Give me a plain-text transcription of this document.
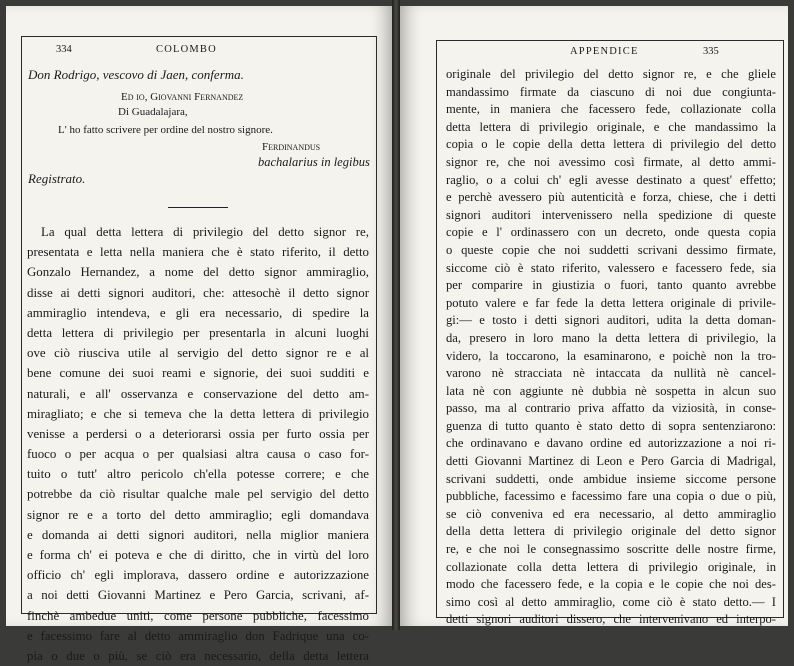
334	COLOMBO
Don Rodrigo, vescovo di Jaen, conferma.
Ed io, Giovanni Fernandez
Di Guadalajara,
L' ho fatto scrivere per ordine del nostro signore.
Ferdinandus
bachalarius in legibus
Registrato.
La qual detta lettera di privilegio del detto signor re,
presentata e letta nella maniera che è stato riferito, il detto
Gonzalo Hernandez, a nome del detto signor ammiraglio,
disse ai detti signori auditori, che: attesochè il detto signor
ammiraglio intendeva, e gli era necessario, di spedire la
detta lettera di privilegio per presentarla in alcuni luoghi
ove ciò riusciva utile al servigio del detto signor re e al
bene comune dei suoi reami e signorie, dei suoi sudditi e
naturali, e all' osservanza e conservazione del detto am-
miragliato; e che si temeva che la detta lettera di privilegio
venisse a perdersi o a deteriorarsi ossia per furto ossia per
fuoco o per acqua o per qualsiasi altra causa o caso for-
tuito o tutt' altro pericolo ch'ella potesse correre; e che
potrebbe da ciò risultar qualche male pel servigio del detto
signor re e a torto del detto ammiraglio; egli domandava
e domanda ai detti signori auditori, nella miglior maniera
e forma ch' ei poteva e che di diritto, che in virtù del loro
officio ch' egli implorava, dassero ordine e autorizzazione
a noi detti Giovanni Martinez e Pero Garcia, scrivani, af-
finchè ambedue uniti, come persone pubbliche, facessimo
e facessimo fare al detto ammiraglio don Fadrique una co-
pia o due o più, se ciò era necessario, della detta lettera
APPENDICE	335
originale del privilegio del detto signor re, e che gliele
mandassimo firmate da ciascuno di noi due congiunta-
mente, in maniera che facessero fede, collazionate colla
detta lettera di privilegio originale, e che mandassimo la
copia o le copie della detta lettera di privilegio del detto
signor re, che noi avessimo così firmate, al detto ammi-
raglio, o a colui ch' egli avesse destinato a quest' effetto;
e perchè avessero più autenticità e forza, chiese, che i detti
signori auditori intervenissero nella spedizione di queste
copie e l' ordinassero con un decreto, onde questa copia
o queste copie che noi suddetti scrivani dessimo firmate,
siccome ciò è stato riferito, valessero e facessero fede, sia
per comparire in giustizia o fuori, tanto quanto avrebbe
potuto valere e far fede la detta lettera originale di privile-
gi:— e tosto i detti signori auditori, udita la detta doman-
da, presero in loro mano la detta lettera di privilegio, la
videro, la toccarono, la esaminarono, e poichè non la tro-
varono nè stracciata nè intaccata da nullità nè cancel-
lata nè con aggiunte nè dubbia nè sospetta in alcun suo
passo, ma al contrario priva affatto da viziosità, in conse-
guenza di tutto quanto è stato detto di sopra sentenziarono:
che ordinavano e davano ordine ed autorizzazione a noi ri-
detti Giovanni Martinez di Leon e Pero Garcia di Madrigal,
scrivani suddetti, onde ambidue insieme siccome persone
pubbliche, facessimo e facessimo fare una copia o due o più,
se ciò conveniva ed era necessario, al detto ammiraglio
della detta lettera di privilegio originale del detto signor
re, e che noi le consegnassimo soscritte delle nostre firme,
collazionate colla detta lettera di privilegio originale, in
modo che facessero fede, e la copia e le copie che noi des-
simo così al detto ammiraglio, come ciò è stato detto.— I
detti signori auditori dissero, che intervenivano ed interpo-
